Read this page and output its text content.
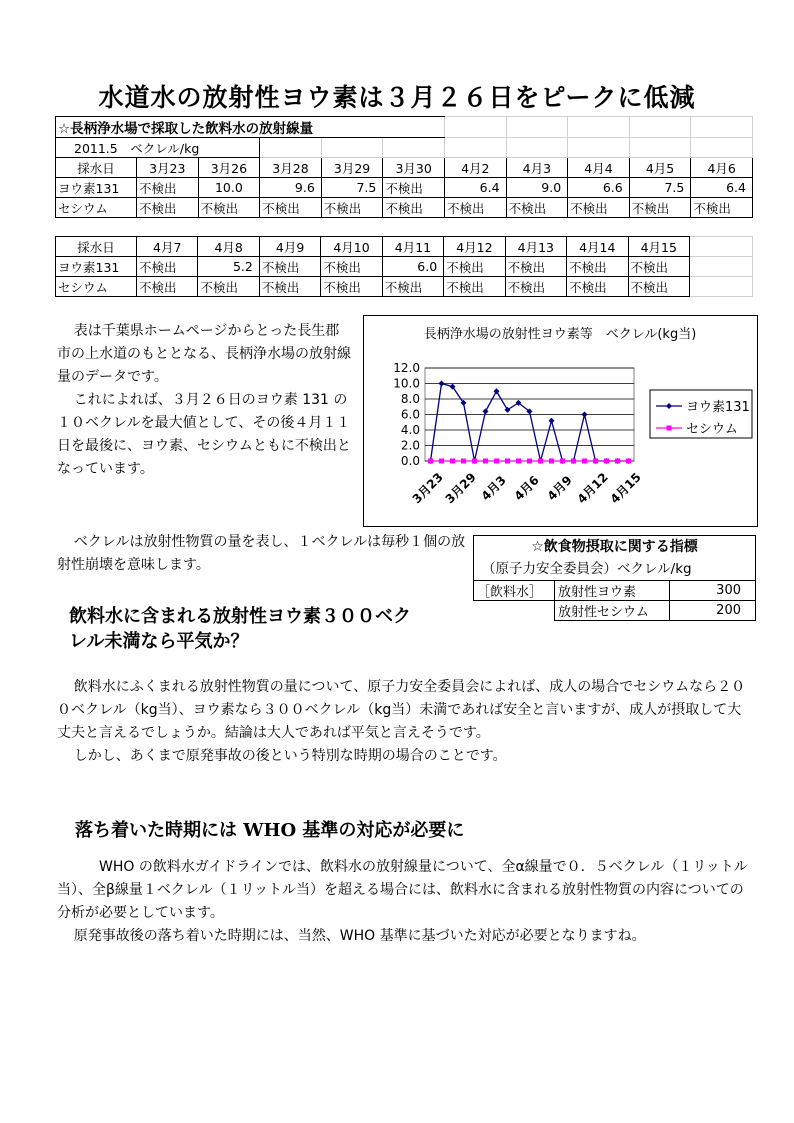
水道水の放射性ヨウ素は３月２６日をピークに低減
☆長柄浄水場で採取した飲料水の放射線量										
2011.5　ベクレル/kg										
採水日	3月23	3月26	3月28	3月29	3月30	4月2	4月3	4月4	4月5	4月6
ヨウ素131	不検出	10.0	9.6	7.5	不検出	6.4	9.0	6.6	7.5	6.4
セシウム	不検出	不検出	不検出	不検出	不検出	不検出	不検出	不検出	不検出	不検出
採水日	4月7	4月8	4月9	4月10	4月11	4月12	4月13	4月14	4月15	
ヨウ素131	不検出	5.2	不検出	不検出	6.0	不検出	不検出	不検出	不検出	
セシウム	不検出	不検出	不検出	不検出	不検出	不検出	不検出	不検出	不検出	
表は千葉県ホームページからとった長生郡市の上水道のもととなる、長柄浄水場の放射線量のデータです。
これによれば、３月２６日のヨウ素 131 の１０ベクレルを最大値として、その後４月１１日を最後に、ヨウ素、セシウムともに不検出となっています。
ベクレルは放射性物質の量を表し、１ベクレルは毎秒１個の放射性崩壊を意味します。
長柄浄水場の放射性ヨウ素等　ベクレル(kg当)
12.0
10.0
8.0
6.0
4.0
2.0
0.0
3月23
3月29 4月3 4月6 4月9 4月12
4月15
ヨウ素131
セシウム
☆飲食物摂取に関する指標
（原子力安全委員会）ベクレル/kg
［飲料水］	放射性ヨウ素	300
	放射性セシウム	200
飲料水に含まれる放射性ヨウ素３００ベク
レル未満なら平気か？
飲料水にふくまれる放射性物質の量について、原子力安全委員会によれば、成人の場合でセシウムなら２００ベクレル（kg当）、ヨウ素なら３００ベクレル（kg当）未満であれば安全と言いますが、成人が摂取して大丈夫と言えるでしょうか。結論は大人であれば平気と言えそうです。
しかし、あくまで原発事故の後という特別な時期の場合のことです。
落ち着いた時期には WHO 基準の対応が必要に
WHO の飲料水ガイドラインでは、飲料水の放射線量について、全α線量で０．５ベクレル（１リットル当）、全β線量１ベクレル（１リットル当）を超える場合には、飲料水に含まれる放射性物質の内容についての分析が必要としています。
原発事故後の落ち着いた時期には、当然、WHO 基準に基づいた対応が必要となりますね。
